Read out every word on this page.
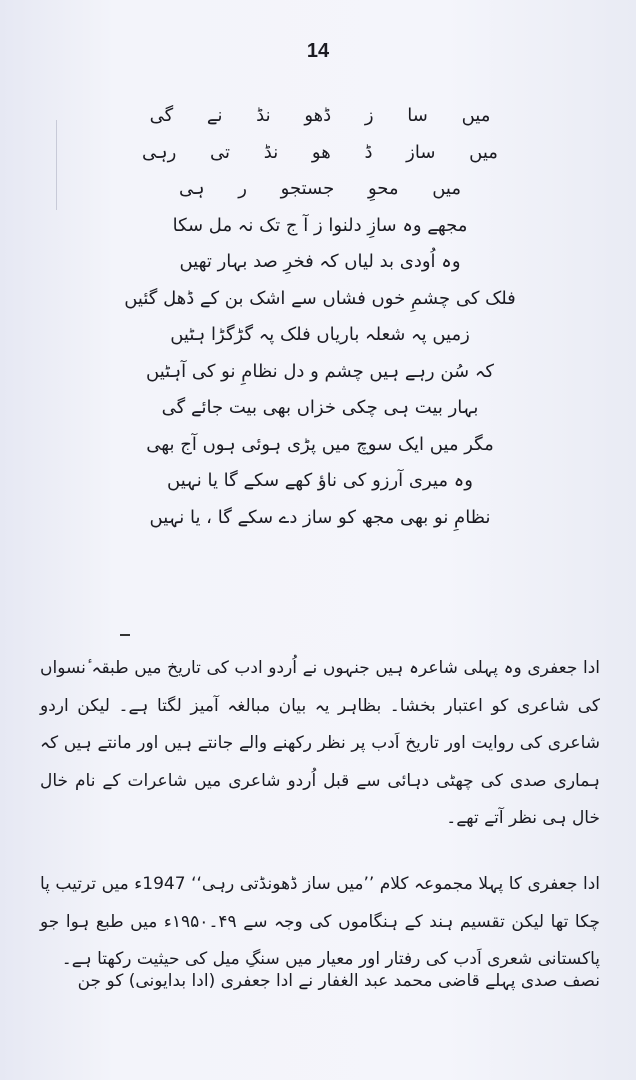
14
میں سا ز ڈھو نڈ نے گی
میں ساز ڈ ھو نڈ تی رہی
میں محوِ جستجو ر ہی
مجھے وہ سازِ دلنوا ز آ ج تک نہ مل سکا
وہ اُودی بد لیاں کہ فخرِ صد بہار تھیں
فلک کی چشمِ خوں فشاں سے اشک بن کے ڈھل گئیں
زمیں پہ شعلہ باریاں فلک پہ گڑگڑا ہٹیں
کہ سُن رہے ہیں چشم و دل نظامِ نو کی آہٹیں
بہار بیت ہی چکی خزاں بھی بیت جائے گی
مگر میں ایک سوچ میں پڑی ہوئی ہوں آج بھی
وہ میری آرزو کی ناؤ کھے سکے گا یا نہیں
نظامِ نو بھی مجھ کو ساز دے سکے گا ، یا نہیں
ادا جعفری وہ پہلی شاعرہ ہیں جنہوں نے اُردو ادب کی تاریخ میں طبقہ ٔنسواں کی شاعری کو اعتبار بخشا۔ بظاہر یہ بیان مبالغہ آمیز لگتا ہے۔ لیکن اردو شاعری کی روایت اور تاریخ اَدب پر نظر رکھنے والے جانتے ہیں اور مانتے ہیں کہ ہماری صدی کی چھٹی دہائی سے قبل اُردو شاعری میں شاعرات کے نام خال خال ہی نظر آتے تھے۔
ادا جعفری کا پہلا مجموعہ کلام ’’میں ساز ڈھونڈتی رہی‘‘ 1947ء میں ترتیب پا چکا تھا لیکن تقسیم ہند کے ہنگاموں کی وجہ سے ۴۹۔۱۹۵۰ء میں طبع ہوا جو پاکستانی شعری اَدب کی رفتار اور معیار میں سنگِ میل کی حیثیت رکھتا ہے۔
نصف صدی پہلے قاضی محمد عبد الغفار نے ادا جعفری (ادا بدایونی) کو جن
